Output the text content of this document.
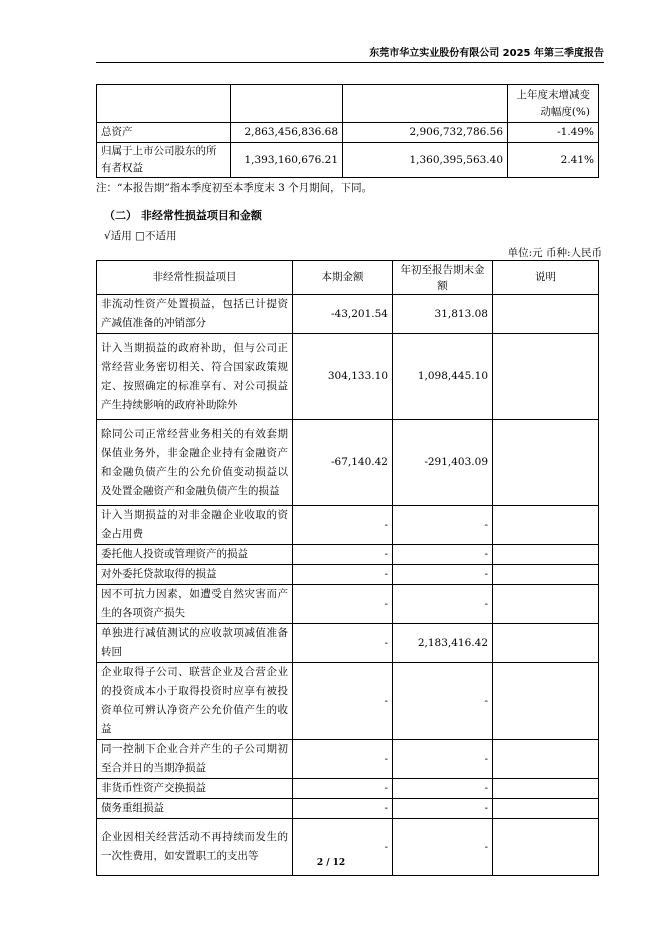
东莞市华立实业股份有限公司 2025 年第三季度报告
			上年度末增减变动幅度(%)
总资产	2,863,456,836.68	2,906,732,786.56	-1.49%
归属于上市公司股东的所有者权益	1,393,160,676.21	1,360,395,563.40	2.41%
注：“本报告期”指本季度初至本季度末 3 个月期间，下同。
（二） 非经常性损益项目和金额
√适用 □不适用
单位:元 币种:人民币
非经常性损益项目	本期金额	年初至报告期末金额	说明
非流动性资产处置损益，包括已计提资产减值准备的冲销部分	-43,201.54	31,813.08	
计入当期损益的政府补助，但与公司正常经营业务密切相关、符合国家政策规定、按照确定的标准享有、对公司损益产生持续影响的政府补助除外	304,133.10	1,098,445.10	
除同公司正常经营业务相关的有效套期保值业务外，非金融企业持有金融资产和金融负债产生的公允价值变动损益以及处置金融资产和金融负债产生的损益	-67,140.42	-291,403.09	
计入当期损益的对非金融企业收取的资金占用费	-	-	
委托他人投资或管理资产的损益	-	-	
对外委托贷款取得的损益	-	-	
因不可抗力因素，如遭受自然灾害而产生的各项资产损失	-	-	
单独进行减值测试的应收款项减值准备转回	-	2,183,416.42	
企业取得子公司、联营企业及合营企业的投资成本小于取得投资时应享有被投资单位可辨认净资产公允价值产生的收益	-	-	
同一控制下企业合并产生的子公司期初至合并日的当期净损益	-	-	
非货币性资产交换损益	-	-	
债务重组损益	-	-	
企业因相关经营活动不再持续而发生的一次性费用，如安置职工的支出等	-	-	
2 / 12
